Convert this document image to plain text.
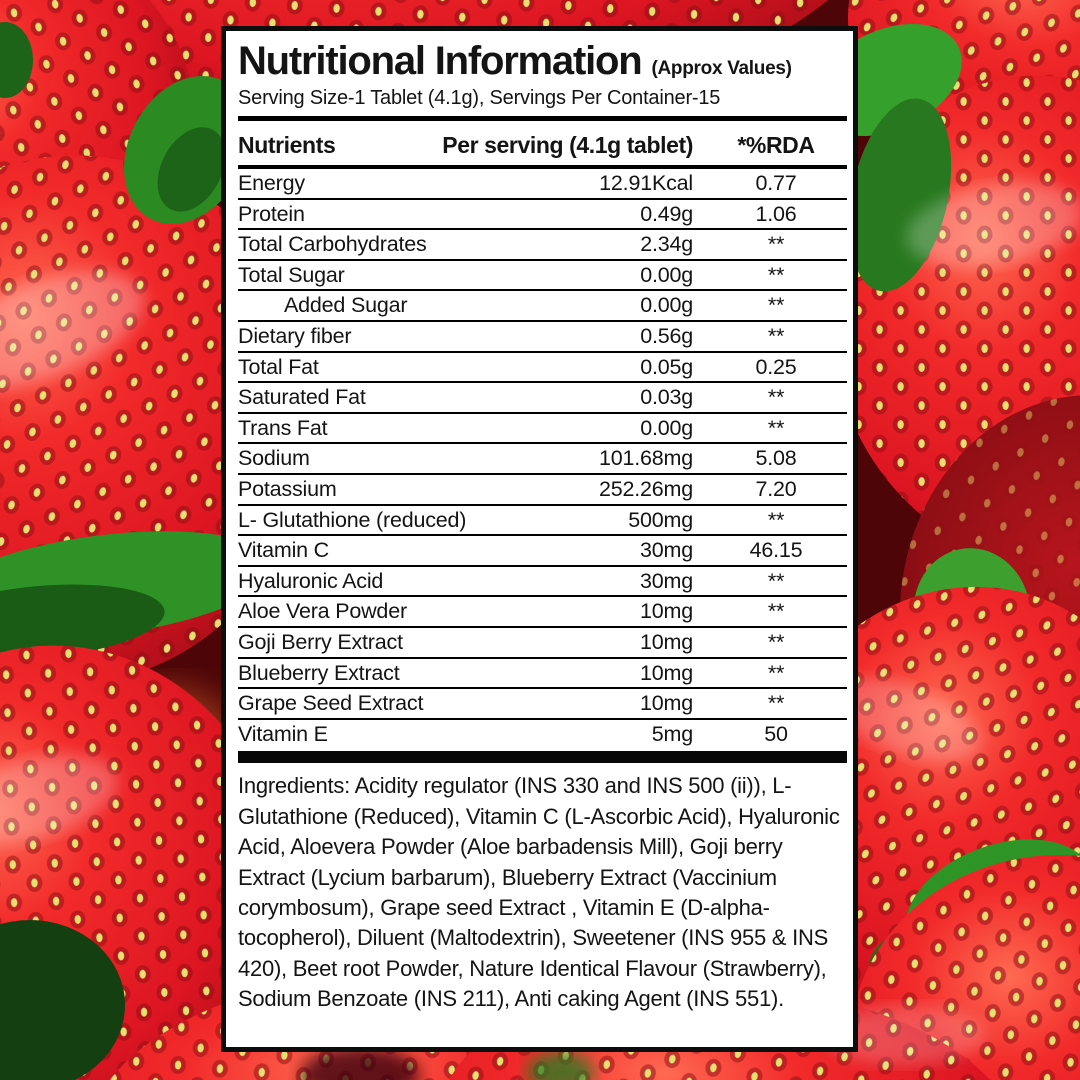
Nutritional Information (Approx Values)
Serving Size-1 Tablet (4.1g), Servings Per Container-15
Nutrients	Per serving (4.1g tablet)	*%RDA
Energy	12.91Kcal	0.77
Protein	0.49g	1.06
Total Carbohydrates	2.34g	**
Total Sugar	0.00g	**
Added Sugar	0.00g	**
Dietary fiber	0.56g	**
Total Fat	0.05g	0.25
Saturated Fat	0.03g	**
Trans Fat	0.00g	**
Sodium	101.68mg	5.08
Potassium	252.26mg	7.20
L- Glutathione (reduced)	500mg	**
Vitamin C	30mg	46.15
Hyaluronic Acid	30mg	**
Aloe Vera Powder	10mg	**
Goji Berry Extract	10mg	**
Blueberry Extract	10mg	**
Grape Seed Extract	10mg	**
Vitamin E	5mg	50

Ingredients: Acidity regulator (INS 330 and INS 500 (ii)), L-Glutathione (Reduced), Vitamin C (L-Ascorbic Acid), Hyaluronic Acid, Aloevera Powder (Aloe barbadensis Mill), Goji berry Extract (Lycium barbarum), Blueberry Extract (Vaccinium corymbosum), Grape seed Extract , Vitamin E (D-alpha-tocopherol), Diluent (Maltodextrin), Sweetener (INS 955 & INS 420), Beet root Powder, Nature Identical Flavour (Strawberry), Sodium Benzoate (INS 211), Anti caking Agent (INS 551).
